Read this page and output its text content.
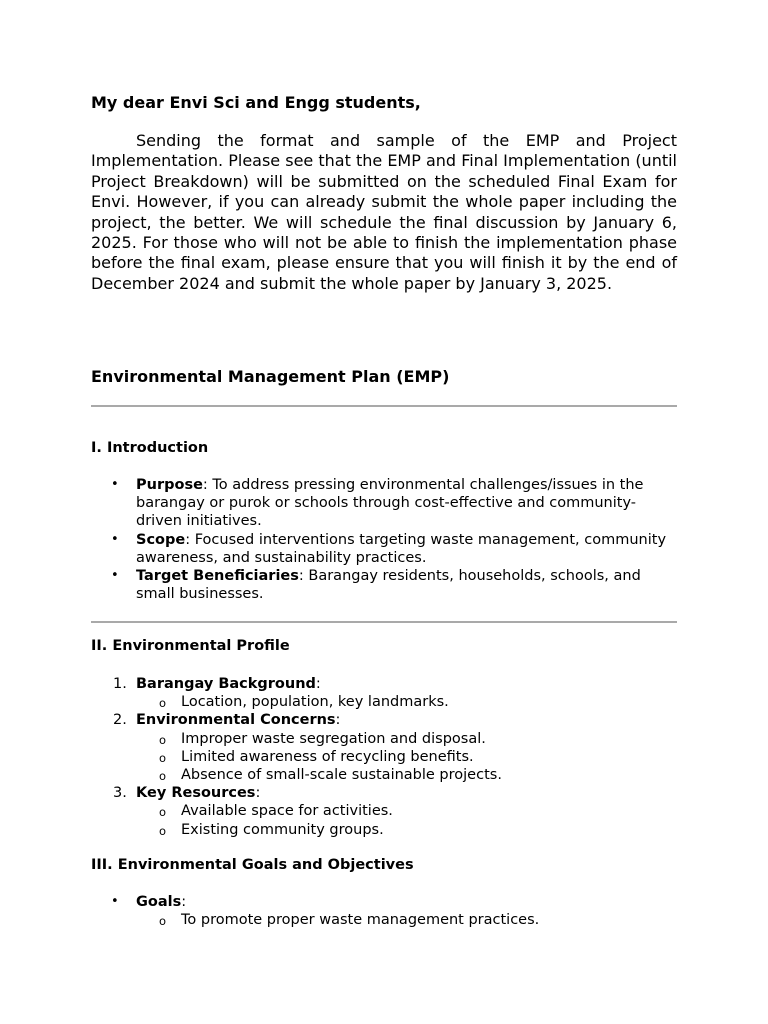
My dear Envi Sci and Engg students,
Sending the format and sample of the EMP and Project Implementation. Please see that the EMP and Final Implementation (until Project Breakdown) will be submitted on the scheduled Final Exam for Envi. However, if you can already submit the whole paper including the project, the better. We will schedule the final discussion by January 6, 2025. For those who will not be able to finish the implementation phase before the final exam, please ensure that you will finish it by the end of December 2024 and submit the whole paper by January 3, 2025.
Environmental Management Plan (EMP)
I. Introduction
• Purpose: To address pressing environmental challenges/issues in the barangay or purok or schools through cost-effective and community-driven initiatives.
• Scope: Focused interventions targeting waste management, community awareness, and sustainability practices.
• Target Beneficiaries: Barangay residents, households, schools, and small businesses.
II. Environmental Profile
1. Barangay Background:
o Location, population, key landmarks.
2. Environmental Concerns:
o Improper waste segregation and disposal.
o Limited awareness of recycling benefits.
o Absence of small-scale sustainable projects.
3. Key Resources:
o Available space for activities.
o Existing community groups.
III. Environmental Goals and Objectives
• Goals:
o To promote proper waste management practices.
